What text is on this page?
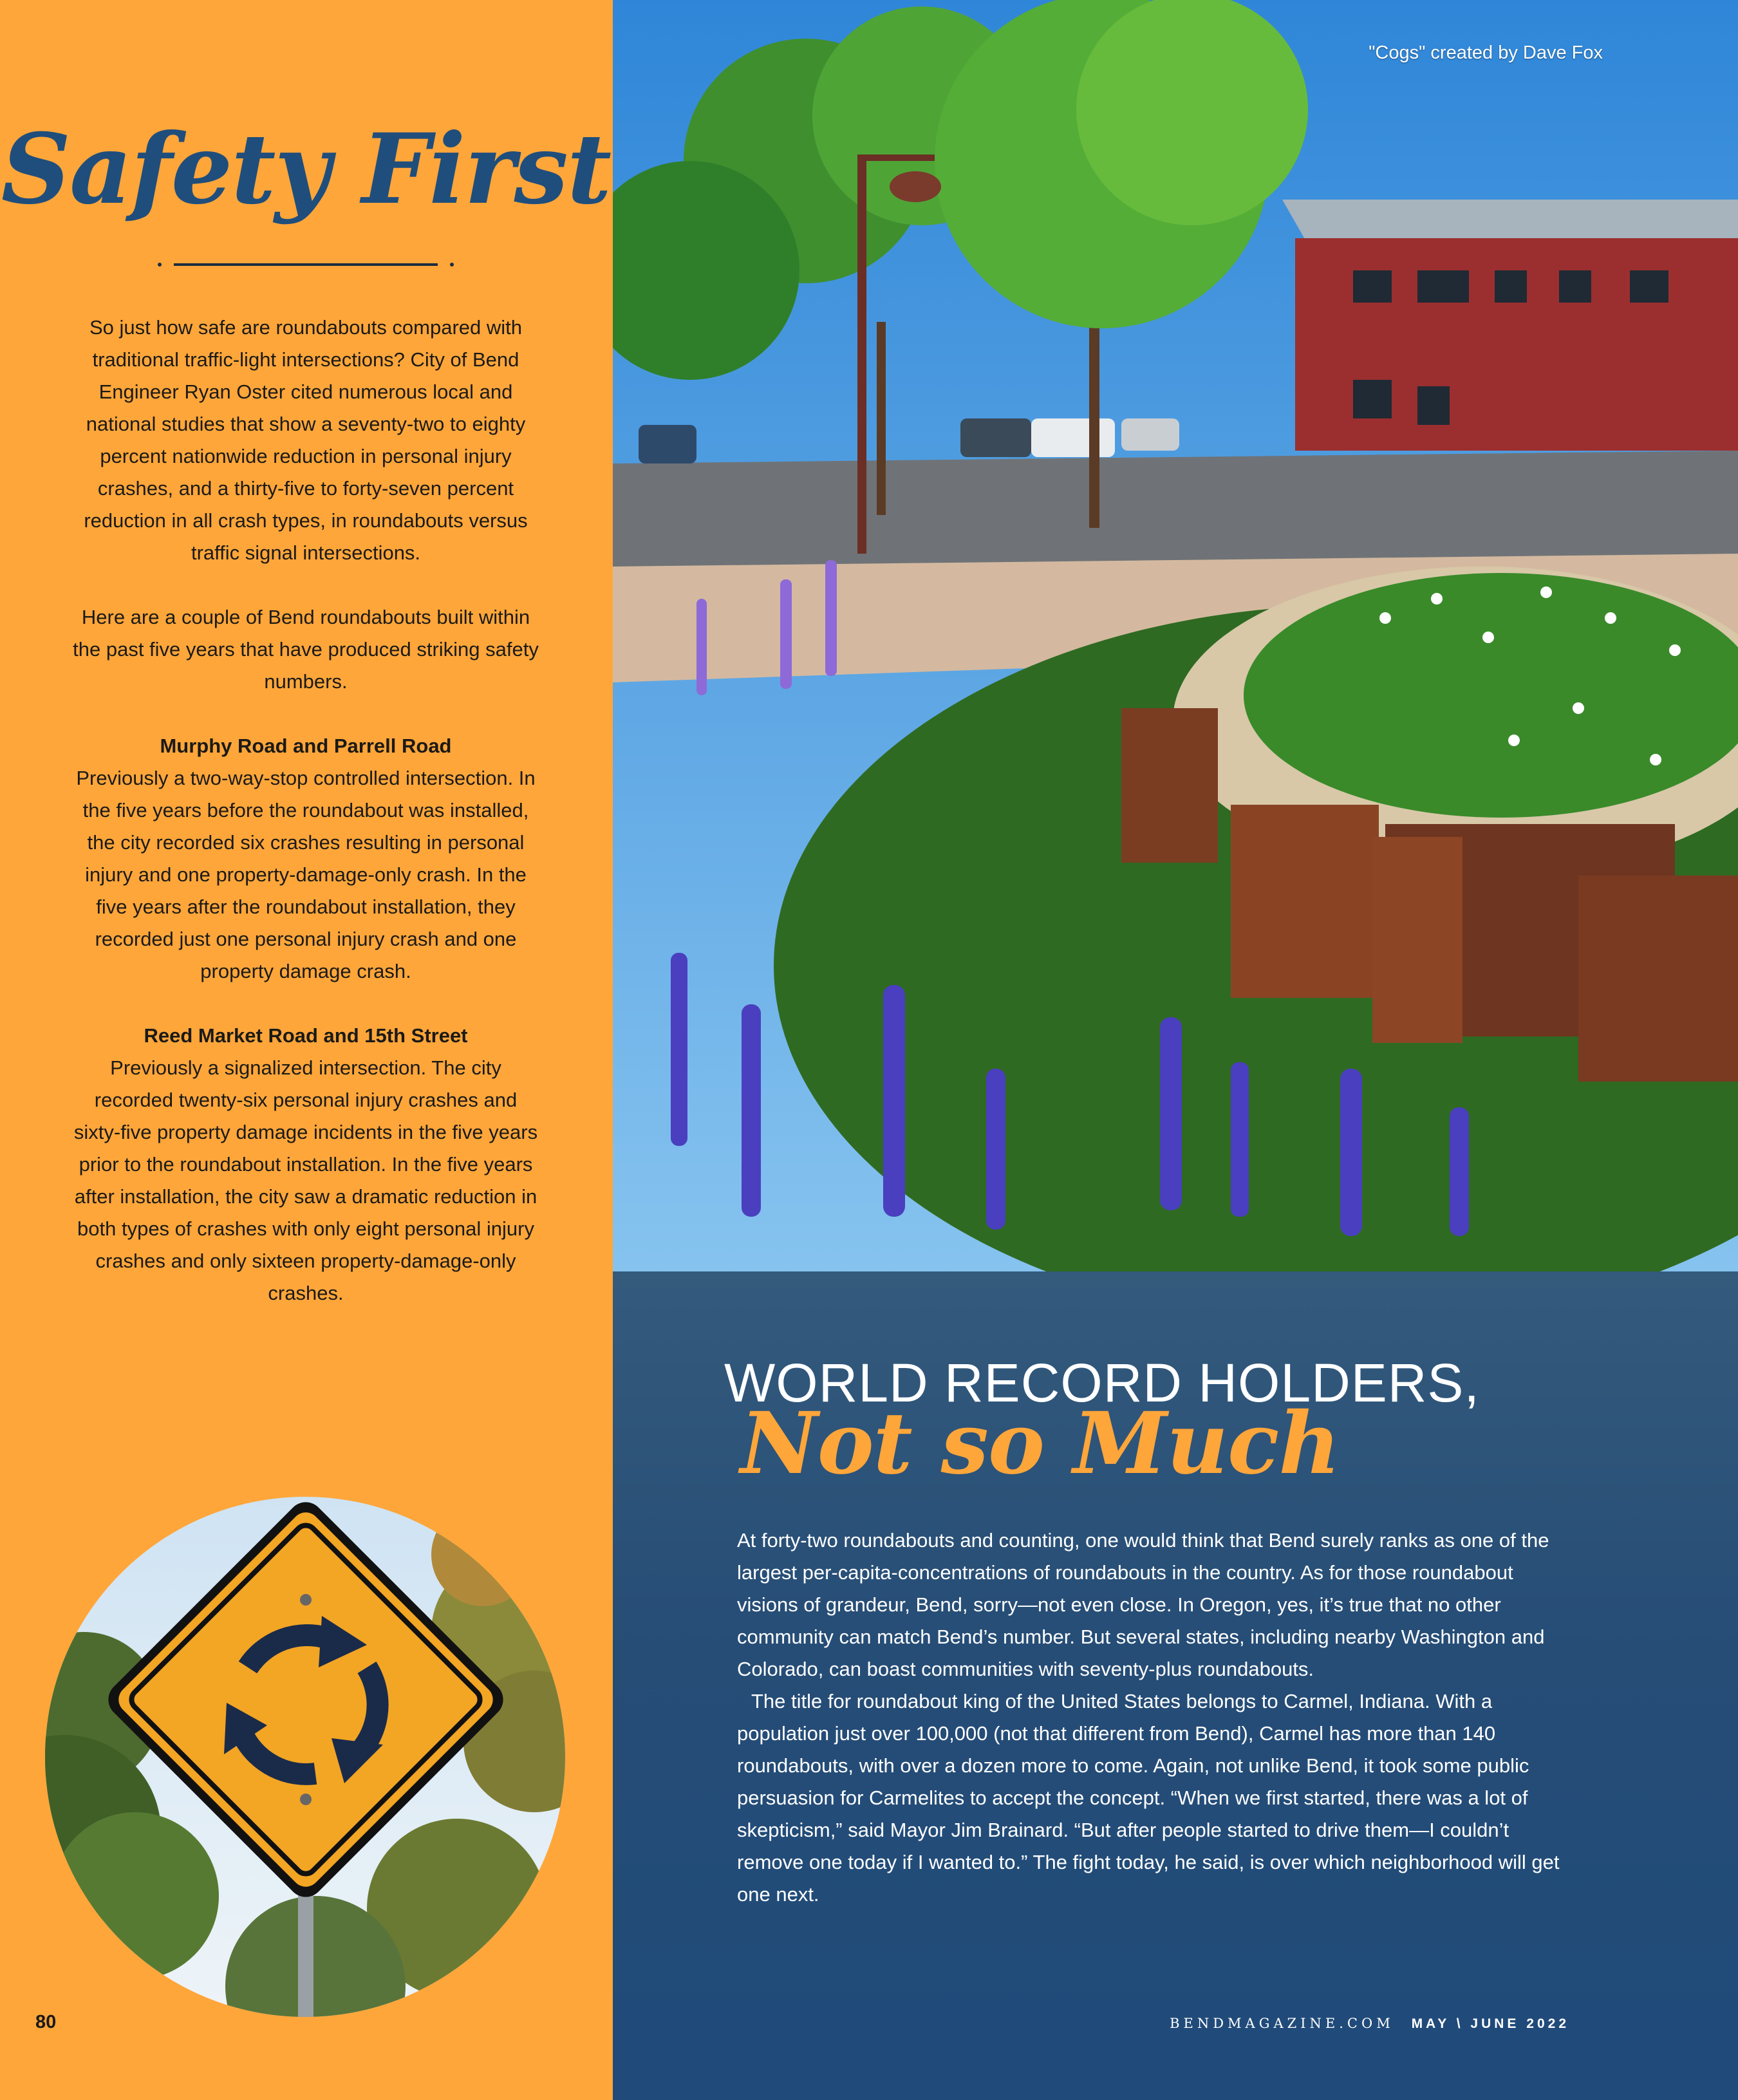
Safety First

So just how safe are roundabouts compared with traditional traffic-light intersections? City of Bend Engineer Ryan Oster cited numerous local and national studies that show a seventy-two to eighty percent nationwide reduction in personal injury crashes, and a thirty-five to forty-seven percent reduction in all crash types, in roundabouts versus traffic signal intersections.

Here are a couple of Bend roundabouts built within the past five years that have produced striking safety numbers.

Murphy Road and Parrell Road
Previously a two-way-stop controlled intersection. In the five years before the roundabout was installed, the city recorded six crashes resulting in personal injury and one property-damage-only crash. In the five years after the roundabout installation, they recorded just one personal injury crash and one property damage crash.

Reed Market Road and 15th Street
Previously a signalized intersection. The city recorded twenty-six personal injury crashes and sixty-five property damage incidents in the five years prior to the roundabout installation. In the five years after installation, the city saw a dramatic reduction in both types of crashes with only eight personal injury crashes and only sixteen property-damage-only crashes.

"Cogs" created by Dave Fox
WORLD RECORD HOLDERS,
Not so Much

At forty-two roundabouts and counting, one would think that Bend surely ranks as one of the largest per-capita-concentrations of roundabouts in the country. As for those roundabout visions of grandeur, Bend, sorry—not even close. In Oregon, yes, it’s true that no other community can match Bend’s number. But several states, including nearby Washington and Colorado, can boast communities with seventy-plus roundabouts.

The title for roundabout king of the United States belongs to Carmel, Indiana. With a population just over 100,000 (not that different from Bend), Carmel has more than 140 roundabouts, with over a dozen more to come. Again, not unlike Bend, it took some public persuasion for Carmelites to accept the concept. “When we first started, there was a lot of skepticism,” said Mayor Jim Brainard. “But after people started to drive them—I couldn’t remove one today if I wanted to.” The fight today, he said, is over which neighborhood will get one next.

80	BENDMAGAZINE.COM MAY \ JUNE 2022
